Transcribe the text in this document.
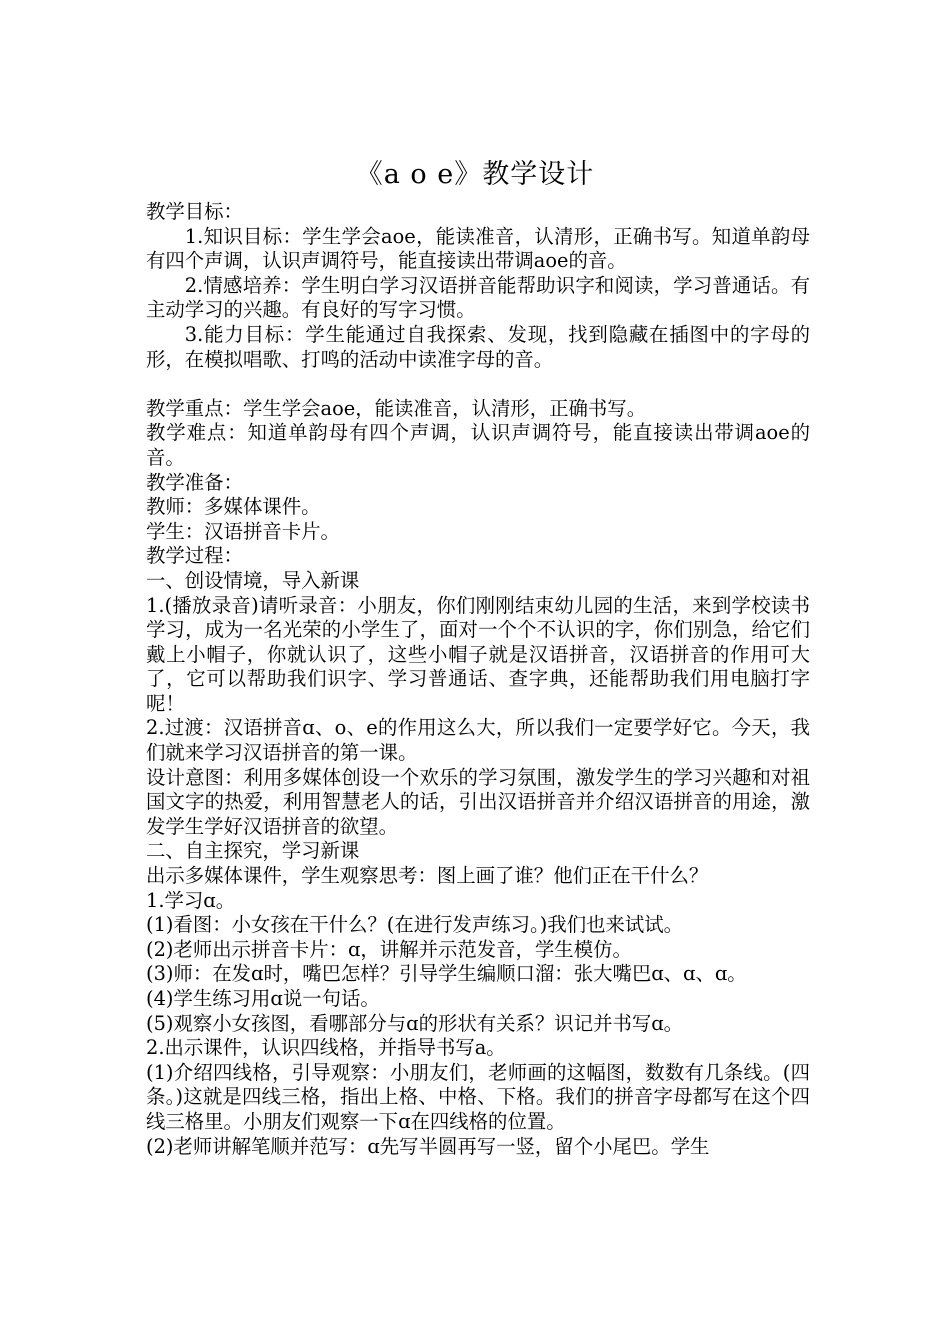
《a o e》教学设计

教学目标：

1.知识目标：学生学会aoe，能读准音，认清形，正确书写。知道单韵母有四个声调，认识声调符号，能直接读出带调aoe的音。

2.情感培养：学生明白学习汉语拼音能帮助识字和阅读，学习普通话。有主动学习的兴趣。有良好的写字习惯。

3.能力目标：学生能通过自我探索、发现，找到隐藏在插图中的字母的形，在模拟唱歌、打鸣的活动中读准字母的音。

教学重点：学生学会aoe，能读准音，认清形，正确书写。

教学难点：知道单韵母有四个声调，认识声调符号，能直接读出带调aoe的音。

教学准备：

教师：多媒体课件。

学生：汉语拼音卡片。

教学过程：

一、创设情境，导入新课

1.(播放录音)请听录音：小朋友，你们刚刚结束幼儿园的生活，来到学校读书学习，成为一名光荣的小学生了，面对一个个不认识的字，你们别急，给它们戴上小帽子，你就认识了，这些小帽子就是汉语拼音，汉语拼音的作用可大了，它可以帮助我们识字、学习普通话、查字典，还能帮助我们用电脑打字呢！

2.过渡：汉语拼音ɑ、o、e的作用这么大，所以我们一定要学好它。今天，我们就来学习汉语拼音的第一课。

设计意图：利用多媒体创设一个欢乐的学习氛围，激发学生的学习兴趣和对祖国文字的热爱，利用智慧老人的话，引出汉语拼音并介绍汉语拼音的用途，激发学生学好汉语拼音的欲望。

二、自主探究，学习新课

出示多媒体课件，学生观察思考：图上画了谁？他们正在干什么？

1.学习ɑ。

(1)看图：小女孩在干什么？(在进行发声练习。)我们也来试试。

(2)老师出示拼音卡片：ɑ，讲解并示范发音，学生模仿。

(3)师：在发ɑ时，嘴巴怎样？引导学生编顺口溜：张大嘴巴ɑ、ɑ、ɑ。

(4)学生练习用ɑ说一句话。

(5)观察小女孩图，看哪部分与ɑ的形状有关系？识记并书写ɑ。

2.出示课件，认识四线格，并指导书写a。

(1)介绍四线格，引导观察：小朋友们，老师画的这幅图，数数有几条线。(四条。)这就是四线三格，指出上格、中格、下格。我们的拼音字母都写在这个四线三格里。小朋友们观察一下ɑ在四线格的位置。

(2)老师讲解笔顺并范写：ɑ先写半圆再写一竖，留个小尾巴。学生
